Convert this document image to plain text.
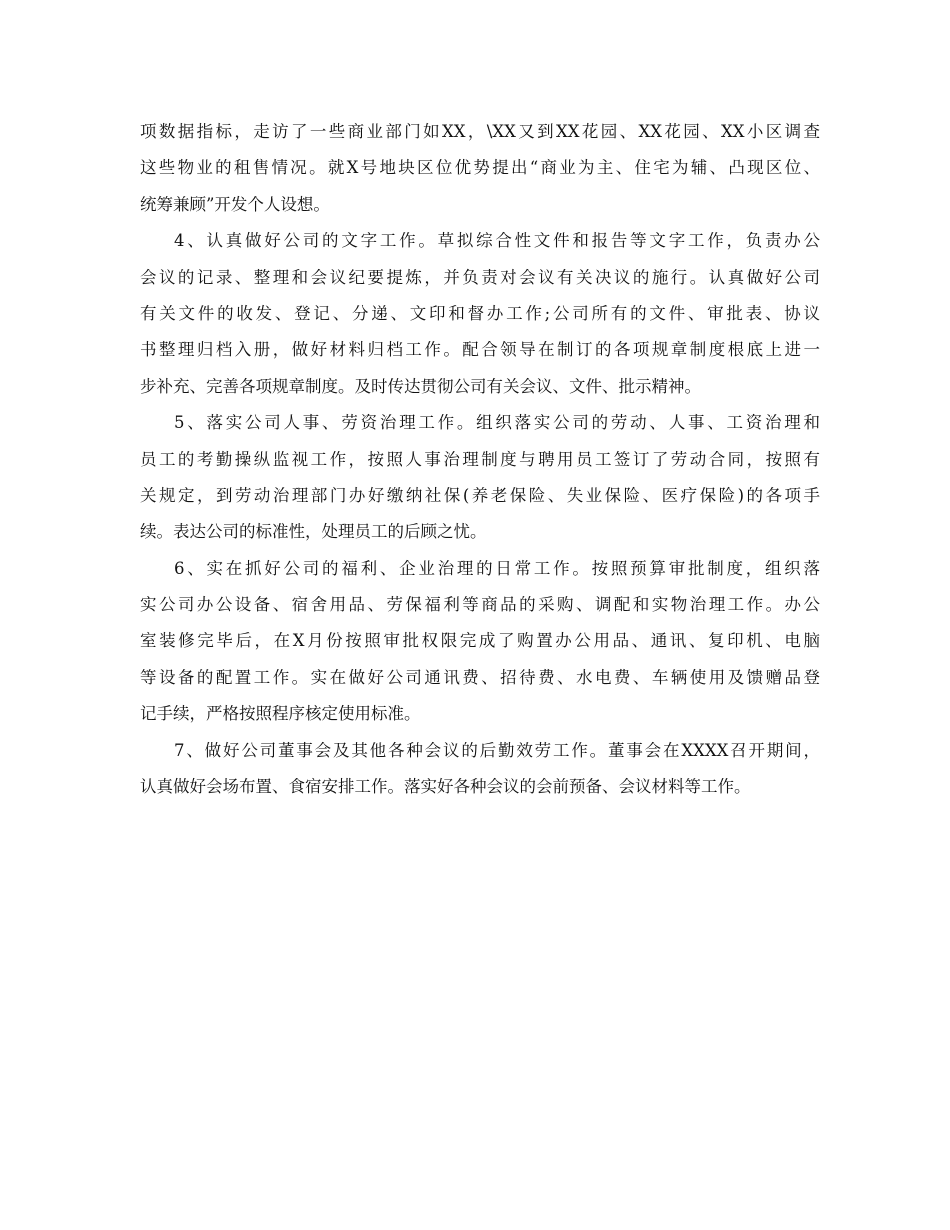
项数据指标，走访了一些商业部门如XX，\XX又到XX花园、XX花园、XX小区调查
这些物业的租售情况。就X号地块区位优势提出“商业为主、住宅为辅、凸现区位、
统筹兼顾”开发个人设想。
4、认真做好公司的文字工作。草拟综合性文件和报告等文字工作，负责办公
会议的记录、整理和会议纪要提炼，并负责对会议有关决议的施行。认真做好公司
有关文件的收发、登记、分递、文印和督办工作;公司所有的文件、审批表、协议
书整理归档入册，做好材料归档工作。配合领导在制订的各项规章制度根底上进一
步补充、完善各项规章制度。及时传达贯彻公司有关会议、文件、批示精神。
5、落实公司人事、劳资治理工作。组织落实公司的劳动、人事、工资治理和
员工的考勤操纵监视工作，按照人事治理制度与聘用员工签订了劳动合同，按照有
关规定，到劳动治理部门办好缴纳社保(养老保险、失业保险、医疗保险)的各项手
续。表达公司的标准性，处理员工的后顾之忧。
6、实在抓好公司的福利、企业治理的日常工作。按照预算审批制度，组织落
实公司办公设备、宿舍用品、劳保福利等商品的采购、调配和实物治理工作。办公
室装修完毕后，在X月份按照审批权限完成了购置办公用品、通讯、复印机、电脑
等设备的配置工作。实在做好公司通讯费、招待费、水电费、车辆使用及馈赠品登
记手续，严格按照程序核定使用标准。
7、做好公司董事会及其他各种会议的后勤效劳工作。董事会在XXXX召开期间，
认真做好会场布置、食宿安排工作。落实好各种会议的会前预备、会议材料等工作。
